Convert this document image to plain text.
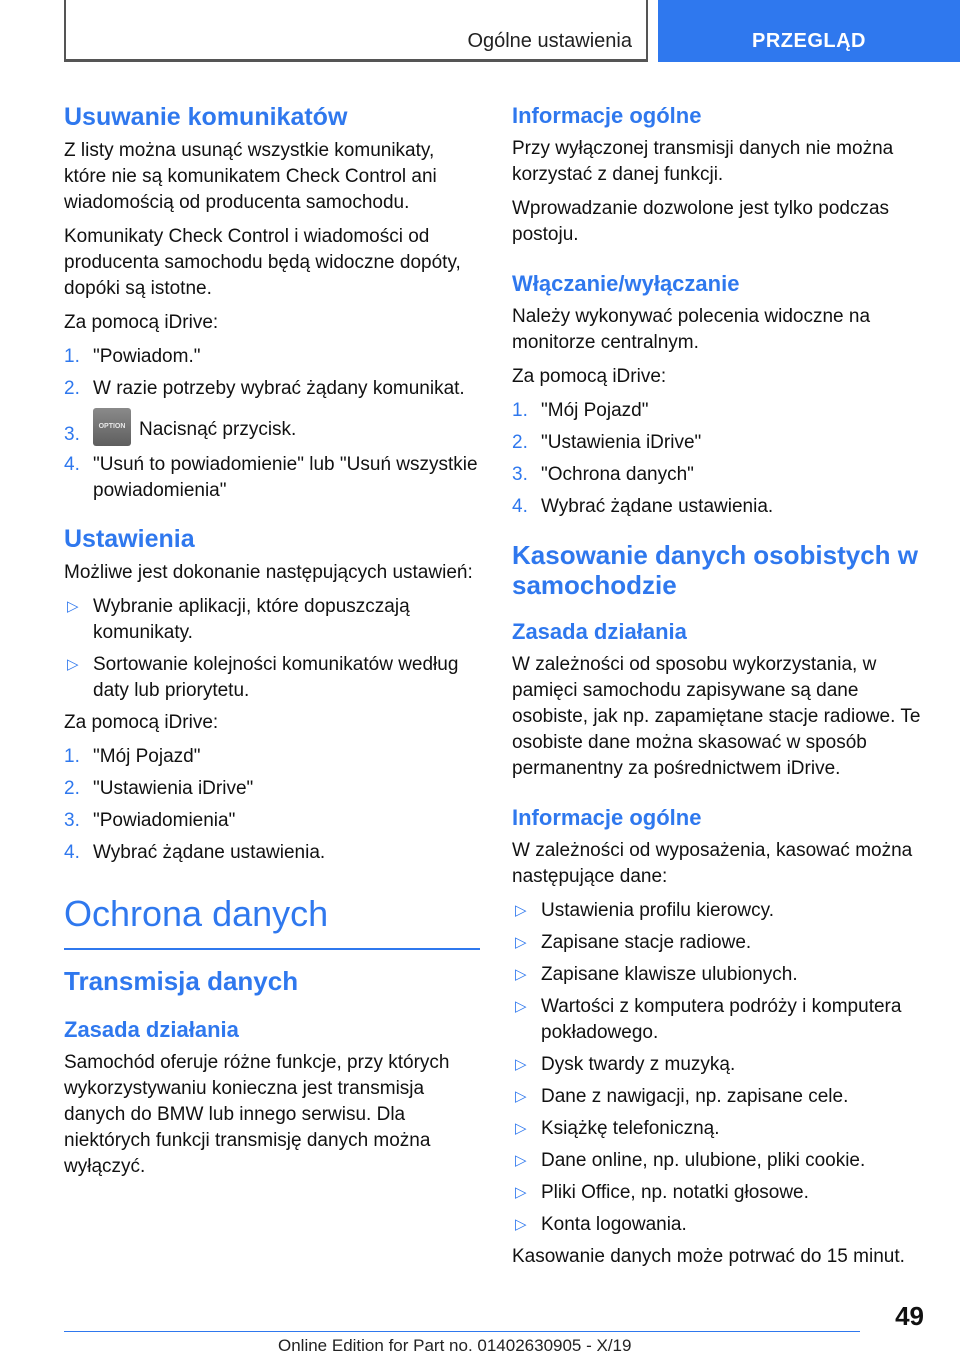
Ogólne ustawienia	PRZEGLĄD
Usuwanie komunikatów

Z listy można usunąć wszystkie komunikaty, które nie są komunikatem Check Control ani wiadomością od producenta samochodu.

Komunikaty Check Control i wiadomości od producenta samochodu będą widoczne dopóty, dopóki są istotne.

Za pomocą iDrive:

1. "Powiadom."
2. W razie potrzeby wybrać żądany komunikat.
3.	OPTION Nacisnąć przycisk.
4. "Usuń to powiadomienie" lub "Usuń wszystkie powiadomienia"
Ustawienia

Możliwe jest dokonanie następujących ustawień:

▷ Wybranie aplikacji, które dopuszczają komunikaty.
▷ Sortowanie kolejności komunikatów według daty lub priorytetu.

Za pomocą iDrive:

1. "Mój Pojazd"
2. "Ustawienia iDrive"
3. "Powiadomienia"
4. Wybrać żądane ustawienia.
Ochrona danych
Transmisja danych
Zasada działania

Samochód oferuje różne funkcje, przy których wykorzystywaniu konieczna jest transmisja danych do BMW lub innego serwisu. Dla niektórych funkcji transmisję danych można wyłączyć.

Informacje ogólne

Przy wyłączonej transmisji danych nie można korzystać z danej funkcji.

Wprowadzanie dozwolone jest tylko podczas postoju.

Włączanie/wyłączanie

Należy wykonywać polecenia widoczne na monitorze centralnym.

Za pomocą iDrive:

1. "Mój Pojazd"
2. "Ustawienia iDrive"
3. "Ochrona danych"
4. Wybrać żądane ustawienia.
Kasowanie danych osobistych w samochodzie
Zasada działania

W zależności od sposobu wykorzystania, w pamięci samochodu zapisywane są dane osobiste, jak np. zapamiętane stacje radiowe. Te osobiste dane można skasować w sposób permanentny za pośrednictwem iDrive.

Informacje ogólne

W zależności od wyposażenia, kasować można następujące dane:

▷ Ustawienia profilu kierowcy.
▷ Zapisane stacje radiowe.
▷ Zapisane klawisze ulubionych.
▷ Wartości z komputera podróży i komputera pokładowego.
▷ Dysk twardy z muzyką.
▷ Dane z nawigacji, np. zapisane cele.
▷ Książkę telefoniczną.
▷ Dane online, np. ulubione, pliki cookie.
▷ Pliki Office, np. notatki głosowe.
▷ Konta logowania.

Kasowanie danych może potrwać do 15 minut.

49
Online Edition for Part no. 01402630905 - X/19
